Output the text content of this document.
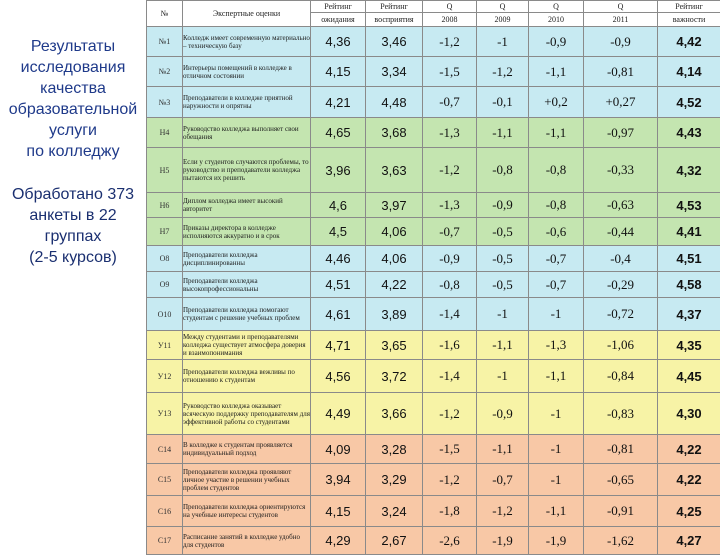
Результаты
исследования
качества
образовательной
услуги
по колледжу
Обработано 373
анкеты в 22
группах
(2-5 курсов)
№	Экспертные оценки	Рейтинг	Рейтинг	Q	Q	Q	Q	Рейтинг
		ожидания	восприятия	2008	2009	2010	2011	важности
№1	Колледж имеет современную материально – техническую базу	4,36	3,46	-1,2	-1	-0,9	-0,9	4,42
№2	Интерьеры помещений в колледже в отличном состоянии	4,15	3,34	-1,5	-1,2	-1,1	-0,81	4,14
№3	Преподаватели в колледже приятной наружности и опрятны	4,21	4,48	-0,7	-0,1	+0,2	+0,27	4,52
Н4	Руководство колледжа выполняет свои обещания	4,65	3,68	-1,3	-1,1	-1,1	-0,97	4,43
Н5	Если у студентов случаются проблемы, то руководство и преподаватели колледжа пытаются их решить	3,96	3,63	-1,2	-0,8	-0,8	-0,33	4,32
Н6	Диплом колледжа имеет высокий авторитет	4,6	3,97	-1,3	-0,9	-0,8	-0,63	4,53
Н7	Приказы директора в колледже исполняются аккуратно и в срок	4,5	4,06	-0,7	-0,5	-0,6	-0,44	4,41
О8	Преподаватели колледжа дисциплинированны	4,46	4,06	-0,9	-0,5	-0,7	-0,4	4,51
О9	Преподаватели колледжа высокопрофессиональны	4,51	4,22	-0,8	-0,5	-0,7	-0,29	4,58
О10	Преподаватели колледжа помогают студентам с решение учебных проблем	4,61	3,89	-1,4	-1	-1	-0,72	4,37
У11	Между студентами и преподавателями колледжа существует атмосфера доверия и взаимопонимания	4,71	3,65	-1,6	-1,1	-1,3	-1,06	4,35
У12	Преподаватели колледжа вежливы по отношению к студентам	4,56	3,72	-1,4	-1	-1,1	-0,84	4,45
У13	Руководство колледжа оказывает всяческую поддержку преподавателям для эффективной работы со студентами	4,49	3,66	-1,2	-0,9	-1	-0,83	4,30
С14	В колледже к студентам проявляется индивидуальный подход	4,09	3,28	-1,5	-1,1	-1	-0,81	4,22
С15	Преподаватели колледжа проявляют личное участие в решении учебных проблем студентов	3,94	3,29	-1,2	-0,7	-1	-0,65	4,22
С16	Преподаватели колледжа ориентируются на учебные интересы студентов	4,15	3,24	-1,8	-1,2	-1,1	-0,91	4,25
С17	Расписание занятий в колледже удобно для студентов	4,29	2,67	-2,6	-1,9	-1,9	-1,62	4,27
